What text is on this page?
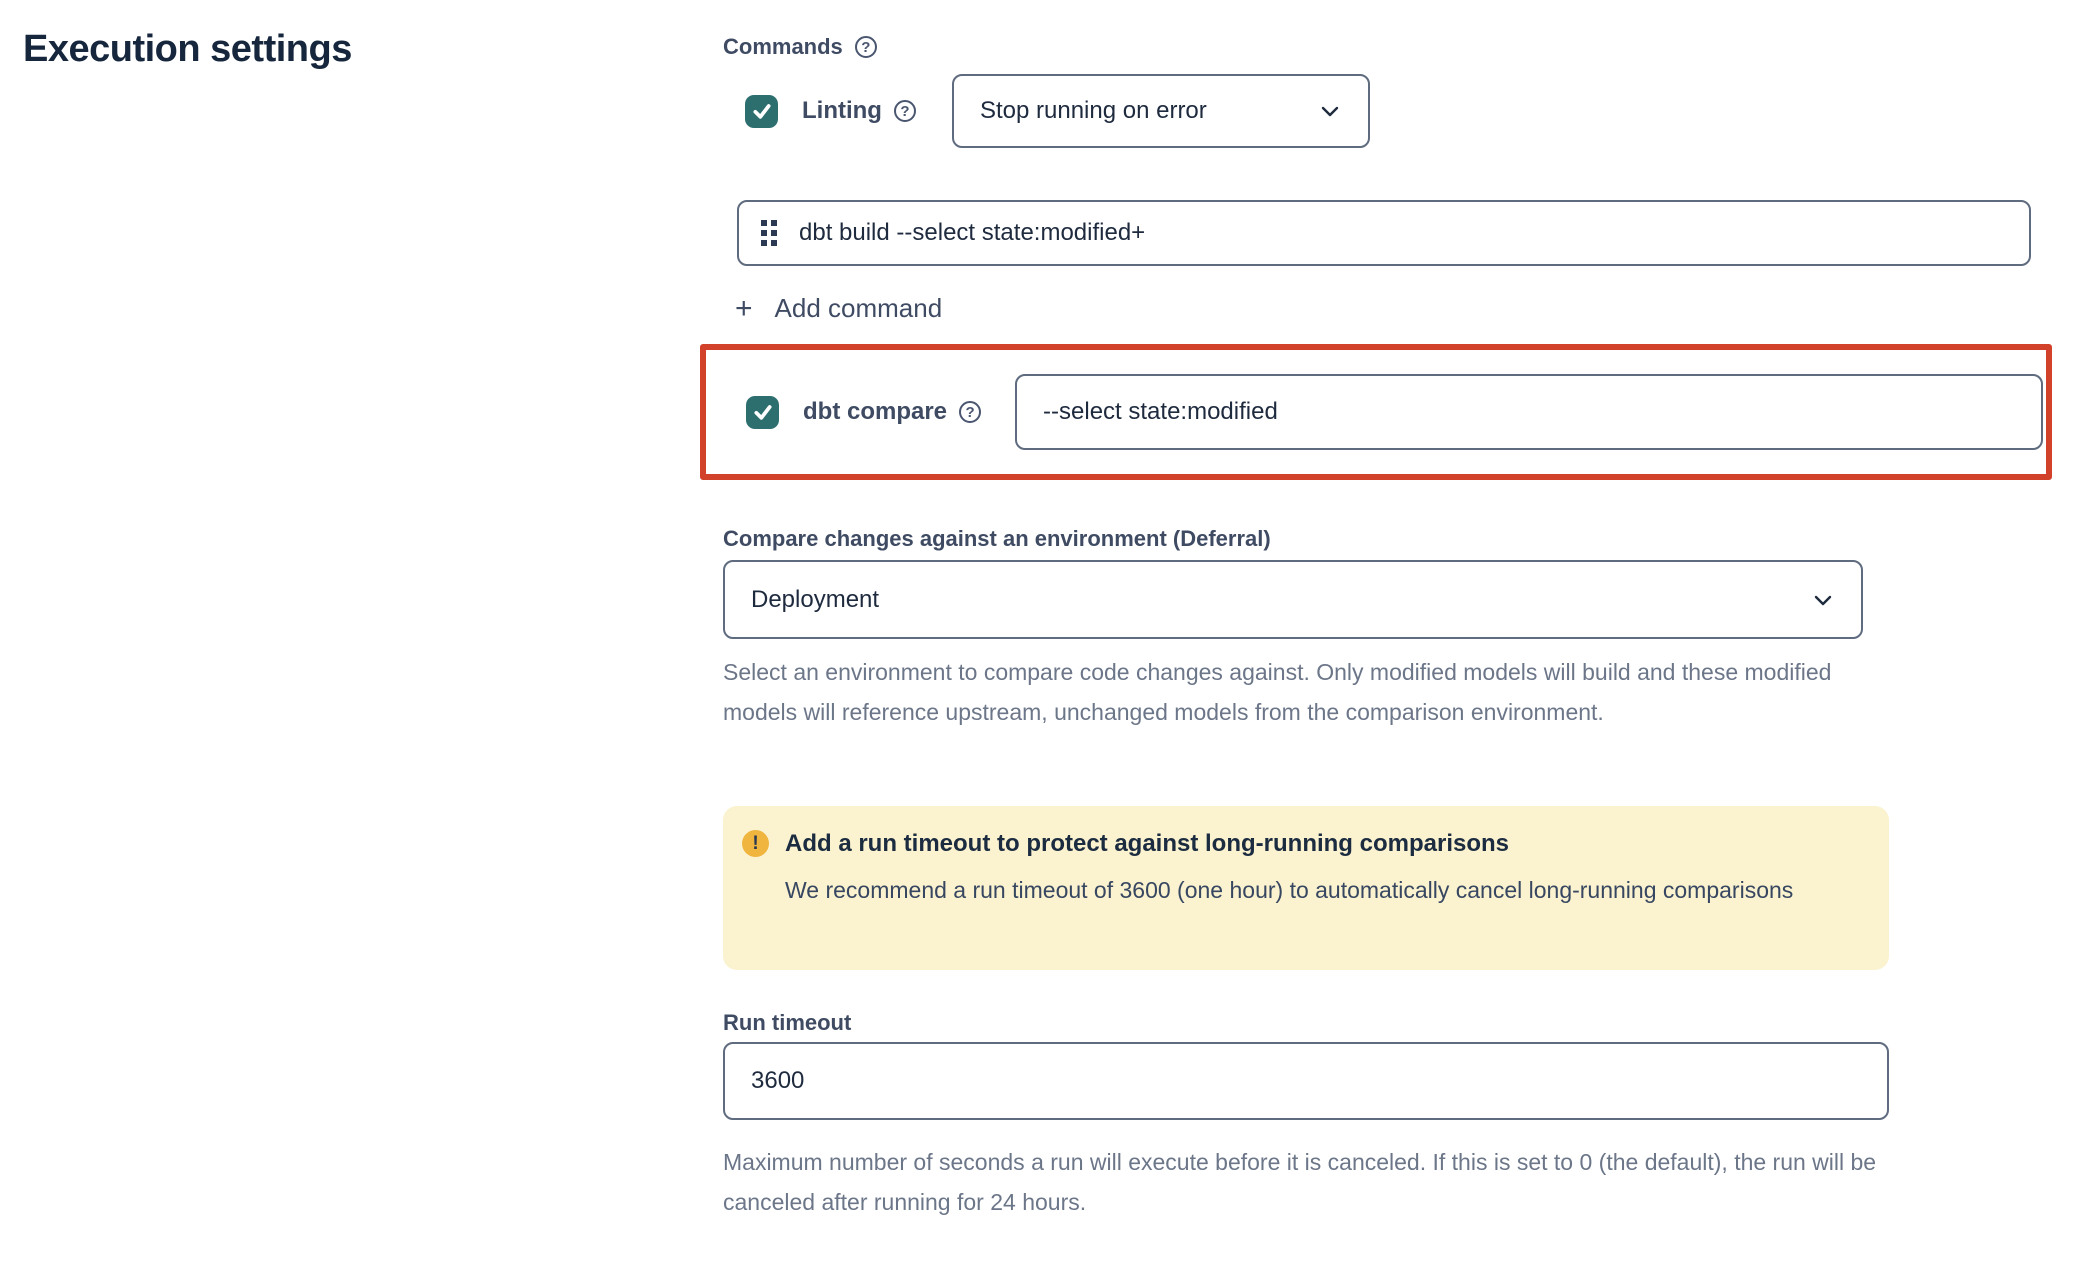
Execution settings	Commands	?
Linting	?	Stop running on error
dbt build --select state:modified+
+ Add command
dbt compare	?
--select state:modified
Compare changes against an environment (Deferral)
Deployment

Select an environment to compare code changes against. Only modified models will build and these modified models will reference upstream, unchanged models from the comparison environment.

!	Add a run timeout to protect against long-running comparisons
We recommend a run timeout of 3600 (one hour) to automatically cancel long-running comparisons
Run timeout
3600

Maximum number of seconds a run will execute before it is canceled. If this is set to 0 (the default), the run will be canceled after running for 24 hours.
